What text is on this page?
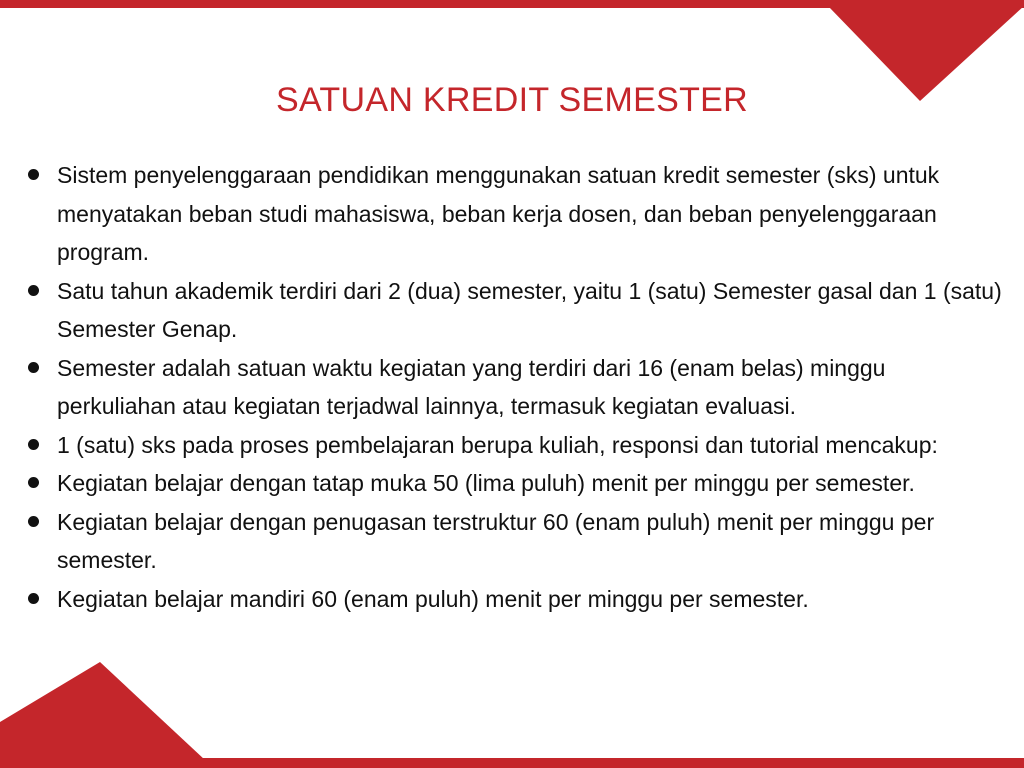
SATUAN KREDIT SEMESTER
Sistem penyelenggaraan pendidikan menggunakan satuan kredit semester (sks) untuk menyatakan beban studi mahasiswa, beban kerja dosen, dan beban penyelenggaraan program.
Satu tahun akademik terdiri dari 2 (dua) semester, yaitu 1 (satu) Semester gasal dan 1 (satu) Semester Genap.
Semester adalah satuan waktu kegiatan yang terdiri dari 16 (enam belas) minggu perkuliahan atau kegiatan terjadwal lainnya, termasuk kegiatan evaluasi.
1 (satu) sks pada proses pembelajaran berupa kuliah, responsi dan tutorial mencakup:
Kegiatan belajar dengan tatap muka 50 (lima puluh) menit per minggu per semester.
Kegiatan belajar dengan penugasan terstruktur 60 (enam puluh) menit per minggu per semester.
Kegiatan belajar mandiri 60 (enam puluh) menit per minggu per semester.
